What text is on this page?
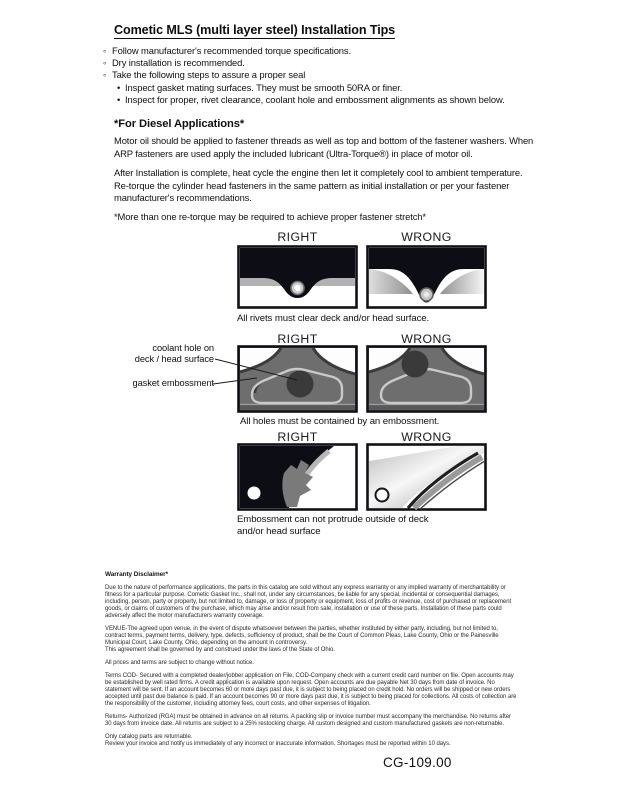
Cometic MLS (multi layer steel) Installation Tips
◦ Follow manufacturer's recommended torque specifications.
◦ Dry installation is recommended.
◦ Take the following steps to assure a proper seal
• Inspect gasket mating surfaces. They must be smooth 50RA or finer.
• Inspect for proper, rivet clearance, coolant hole and embossment alignments as shown below.
*For Diesel Applications*
Motor oil should be applied to fastener threads as well as top and bottom of the fastener washers. When ARP fasteners are used apply the included lubricant (Ultra-Torque®) in place of motor oil.
After Installation is complete, heat cycle the engine then let it completely cool to ambient temperature. Re-torque the cylinder head fasteners in the same pattern as initial installation or per your fastener manufacturer's recommendations.
*More than one re-torque may be required to achieve proper fastener stretch*
RIGHT	WRONG
All rivets must clear deck and/or head surface.
RIGHT	WRONG
coolant hole on
deck / head surface
gasket embossment
All holes must be contained by an embossment.
RIGHT	WRONG
Embossment can not protrude outside of deck
and/or head surface

Warranty Disclaimer*

Due to the nature of performance applications, the parts in this catalog are sold without any express warranty or any implied warranty of merchantability or fitness for a particular purpose. Cometic Gasket Inc., shall not, under any circumstances, be liable for any special, incidental or consequential damages, including, person, party or property, but not limited to, damage, or loss of property or equipment, loss of profits or revenue, cost of purchased or replacement goods, or claims of customers of the purchase, which may arise and/or result from sale, installation or use of these parts. Installation of these parts could adversely affect the motor manufacturers warranty coverage.

VENUE-The agreed upon venue, in the event of dispute whatsoever between the parties, whether instituted by either party, including, but not limited to, contract terms, payment terms, delivery, type, defects, sufficiency of product, shall be the Court of Common Pleas, Lake County, Ohio or the Painesville Municipal Court, Lake County, Ohio, depending on the amount in controversy.

This agreement shall be governed by and construed under the laws of the State of Ohio.

All prices and terms are subject to change without notice.

Terms COD- Secured with a completed dealer/jobber application on File, COD-Company check with a current credit card number on file. Open accounts may be established by well rated firms. A credit application is available upon request. Open accounts are due payable Net 30 days from date of invoice. No statement will be sent. If an account becomes 60 or more days past due, it is subject to being placed on credit hold. No orders will be shipped or new orders accepted until past due balance is paid. If an account becomes 90 or more days past due, it is subject to being placed for collections. All costs of collection are the responsibility of the customer, including attorney fees, court costs, and other expenses of litigation.

Returns- Authorized (RGA) must be obtained in advance on all returns. A packing slip or invoice number must accompany the merchandise. No returns after 30 days from invoice date. All returns are subject to a 25% restocking charge. All custom designed and custom manufactured gaskets are non-returnable.

Only catalog parts are returnable.

Review your invoice and notify us immediately of any incorrect or inaccurate information. Shortages must be reported within 10 days.

CG-109.00
